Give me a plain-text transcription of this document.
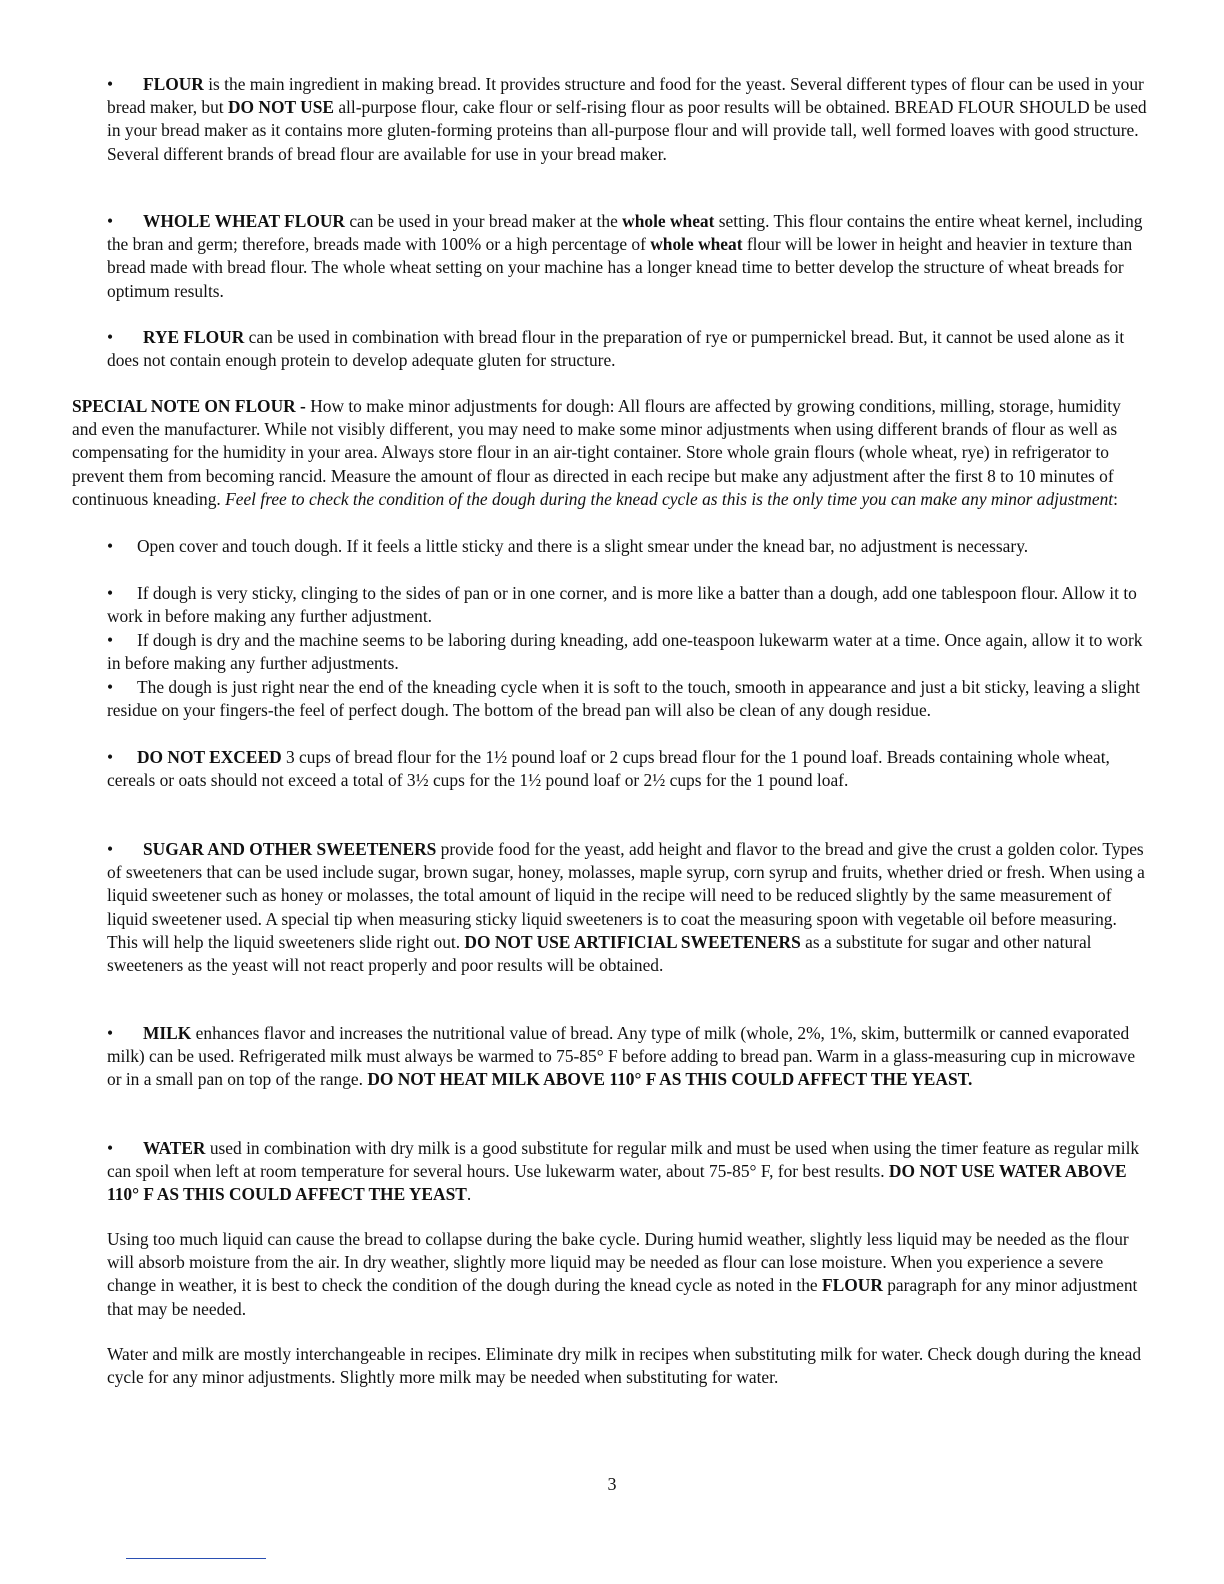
• FLOUR is the main ingredient in making bread. It provides structure and food for the yeast. Several different types of flour can be used in your bread maker, but DO NOT USE all-purpose flour, cake flour or self-rising flour as poor results will be obtained. BREAD FLOUR SHOULD be used in your bread maker as it contains more gluten-forming proteins than all-purpose flour and will provide tall, well formed loaves with good structure. Several different brands of bread flour are available for use in your bread maker.

• WHOLE WHEAT FLOUR can be used in your bread maker at the whole wheat setting. This flour contains the entire wheat kernel, including the bran and germ; therefore, breads made with 100% or a high percentage of whole wheat flour will be lower in height and heavier in texture than bread made with bread flour. The whole wheat setting on your machine has a longer knead time to better develop the structure of wheat breads for optimum results.

• RYE FLOUR can be used in combination with bread flour in the preparation of rye or pumpernickel bread. But, it cannot be used alone as it does not contain enough protein to develop adequate gluten for structure.

SPECIAL NOTE ON FLOUR - How to make minor adjustments for dough: All flours are affected by growing conditions, milling, storage, humidity and even the manufacturer. While not visibly different, you may need to make some minor adjustments when using different brands of flour as well as compensating for the humidity in your area. Always store flour in an air-tight container. Store whole grain flours (whole wheat, rye) in refrigerator to prevent them from becoming rancid. Measure the amount of flour as directed in each recipe but make any adjustment after the first 8 to 10 minutes of continuous kneading. Feel free to check the condition of the dough during the knead cycle as this is the only time you can make any minor adjustment:

• Open cover and touch dough. If it feels a little sticky and there is a slight smear under the knead bar, no adjustment is necessary.

• If dough is very sticky, clinging to the sides of pan or in one corner, and is more like a batter than a dough, add one tablespoon flour. Allow it to work in before making any further adjustment.

• If dough is dry and the machine seems to be laboring during kneading, add one-teaspoon lukewarm water at a time. Once again, allow it to work in before making any further adjustments.

• The dough is just right near the end of the kneading cycle when it is soft to the touch, smooth in appearance and just a bit sticky, leaving a slight residue on your fingers-the feel of perfect dough. The bottom of the bread pan will also be clean of any dough residue.

• DO NOT EXCEED 3 cups of bread flour for the 1½ pound loaf or 2 cups bread flour for the 1 pound loaf. Breads containing whole wheat, cereals or oats should not exceed a total of 3½ cups for the 1½ pound loaf or 2½ cups for the 1 pound loaf.

• SUGAR AND OTHER SWEETENERS provide food for the yeast, add height and flavor to the bread and give the crust a golden color. Types of sweeteners that can be used include sugar, brown sugar, honey, molasses, maple syrup, corn syrup and fruits, whether dried or fresh. When using a liquid sweetener such as honey or molasses, the total amount of liquid in the recipe will need to be reduced slightly by the same measurement of liquid sweetener used. A special tip when measuring sticky liquid sweeteners is to coat the measuring spoon with vegetable oil before measuring. This will help the liquid sweeteners slide right out. DO NOT USE ARTIFICIAL SWEETENERS as a substitute for sugar and other natural sweeteners as the yeast will not react properly and poor results will be obtained.

• MILK enhances flavor and increases the nutritional value of bread. Any type of milk (whole, 2%, 1%, skim, buttermilk or canned evaporated milk) can be used. Refrigerated milk must always be warmed to 75-85° F before adding to bread pan. Warm in a glass-measuring cup in microwave or in a small pan on top of the range. DO NOT HEAT MILK ABOVE 110° F AS THIS COULD AFFECT THE YEAST.

• WATER used in combination with dry milk is a good substitute for regular milk and must be used when using the timer feature as regular milk can spoil when left at room temperature for several hours. Use lukewarm water, about 75-85° F, for best results. DO NOT USE WATER ABOVE 110° F AS THIS COULD AFFECT THE YEAST.

Using too much liquid can cause the bread to collapse during the bake cycle. During humid weather, slightly less liquid may be needed as the flour will absorb moisture from the air. In dry weather, slightly more liquid may be needed as flour can lose moisture. When you experience a severe change in weather, it is best to check the condition of the dough during the knead cycle as noted in the FLOUR paragraph for any minor adjustment that may be needed.

Water and milk are mostly interchangeable in recipes. Eliminate dry milk in recipes when substituting milk for water. Check dough during the knead cycle for any minor adjustments. Slightly more milk may be needed when substituting for water.

3
